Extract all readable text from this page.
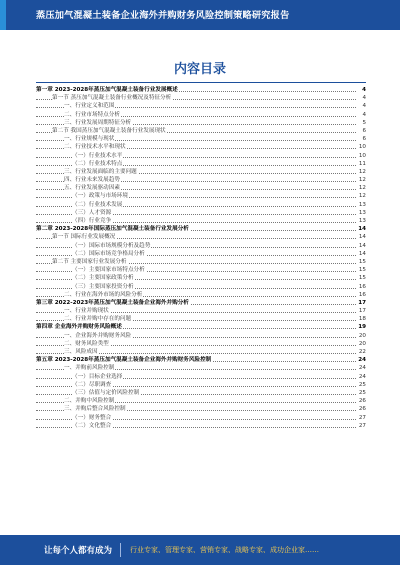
蒸压加气混凝土装备企业海外并购财务风险控制策略研究报告
内容目录
第一章 2023-2028年蒸压加气混凝土装备行业发展概述	4
第一节 蒸压加气混凝土装备行业概况及特征分析	4
一、行业定义和范围	4
二、行业市场特点分析	4
三、行业发展周期特征分析	5
第二节 我国蒸压加气混凝土装备行业发展现状	6
一、行业规模与现状	6
二、行业技术水平和现状	10
（一）行业技术水平	10
（二）行业技术特点	11
三、行业发展面临的主要问题	12
四、行业未来发展趋势	12
五、行业发展驱动因素	12
（一）政策与市场环境	12
（二）行业技术发展	13
（三）人才资源	13
（四）行业竞争	13
第二章 2023-2028年国际蒸压加气混凝土装备行业发展分析	14
第一节 国际行业发展概况	14
（一）国际市场规模分析及趋势	14
（二）国际市场竞争格局分析	14
第二节 主要国家行业发展分析	15
（一）主要国家市场特点分析	15
（二）主要国家政策分析	15
（三）主要国家投资分析	16
二、行业在海外市场的风险分析	16
第三章 2022-2023年蒸压加气混凝土装备企业海外并购分析	17
一、行业并购现状	17
二、行业并购中存在的问题	18
第四章 企业海外并购财务风险概述	19
一、企业海外并购财务风险	20
二、财务风险类型	20
三、风险成因	22
第五章 2023-2028年蒸压加气混凝土装备企业海外并购财务风险控制	24
一、并购前风险控制	24
（一）目标企业选择	24
（二）尽职调查	25
（三）估值与定价风险控制	25
二、并购中风险控制	26
三、并购后整合风险控制	26
（一）财务整合	27
（二）文化整合	27
让每个人都有成为	行业专家、管理专家、营销专家、战略专家、成功企业家……
